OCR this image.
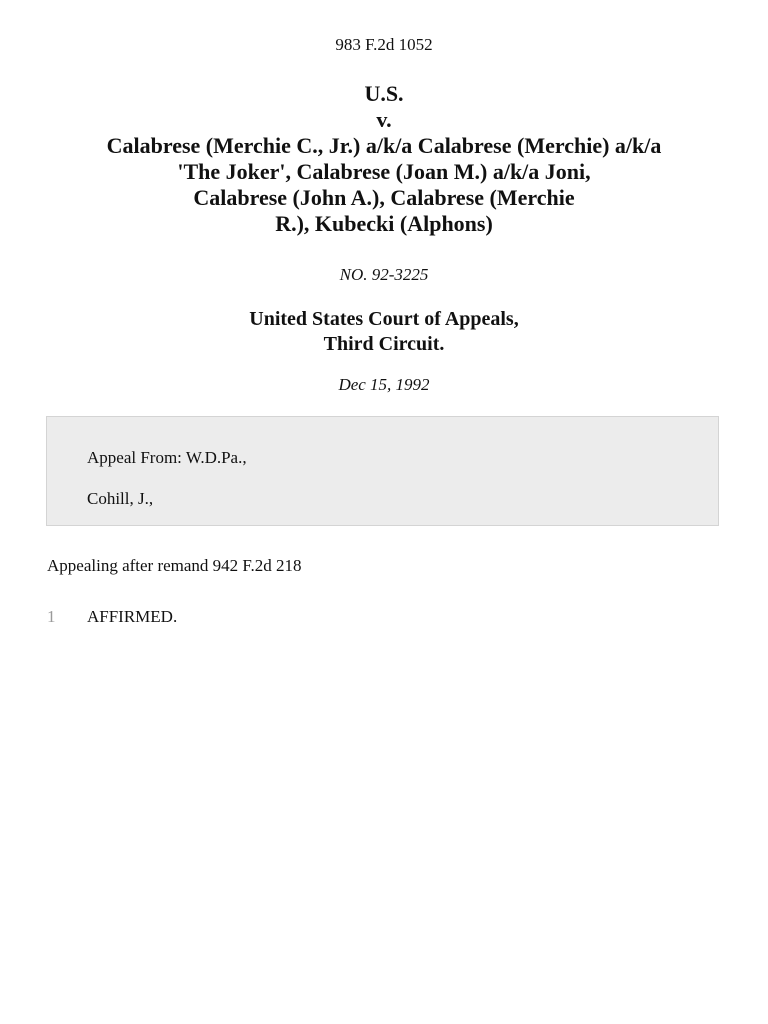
983 F.2d 1052
U.S.
v.
Calabrese (Merchie C., Jr.) a/k/a Calabrese (Merchie) a/k/a
'The Joker', Calabrese (Joan M.) a/k/a Joni,
Calabrese (John A.), Calabrese (Merchie
R.), Kubecki (Alphons)
NO. 92-3225
United States Court of Appeals,
Third Circuit.
Dec 15, 1992
Appeal From: W.D.Pa.,
Cohill, J.,
Appealing after remand 942 F.2d 218
1 AFFIRMED.
